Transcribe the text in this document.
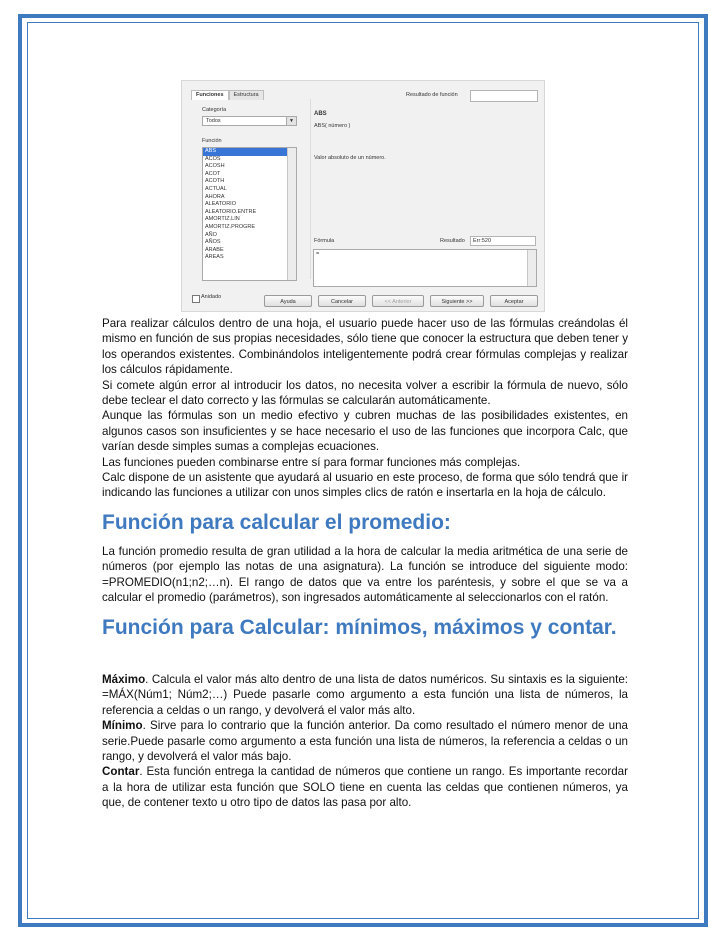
Funciones	Estructura	Resultado de función
Categoría
Todos	▼
Función
ABS
ACOS
ACOSH
ACOT
ACOTH
ACTUAL
AHORA
ALEATORIO
ALEATORIO.ENTRE
AMORTIZ.LIN
AMORTIZ.PROGRE
AÑO
AÑOS
ÁRABE
ÁREAS
ABS
ABS( número )
Valor absoluto de un número.
Fórmula	Resultado	Err:520
=
Anidado
Ayuda	Cancelar	<< Anterior	Siguiente >>	Aceptar

Para realizar cálculos dentro de una hoja, el usuario puede hacer uso de las fórmulas creándolas él mismo en función de sus propias necesidades, sólo tiene que conocer la estructura que deben tener y los operandos existentes. Combinándolos inteligentemente podrá crear fórmulas complejas y realizar los cálculos rápidamente.

Si comete algún error al introducir los datos, no necesita volver a escribir la fórmula de nuevo, sólo debe teclear el dato correcto y las fórmulas se calcularán automáticamente.

Aunque las fórmulas son un medio efectivo y cubren muchas de las posibilidades existentes, en algunos casos son insuficientes y se hace necesario el uso de las funciones que incorpora Calc, que varían desde simples sumas a complejas ecuaciones.

Las funciones pueden combinarse entre sí para formar funciones más complejas.

Calc dispone de un asistente que ayudará al usuario en este proceso, de forma que sólo tendrá que ir indicando las funciones a utilizar con unos simples clics de ratón e insertarla en la hoja de cálculo.

Función para calcular el promedio:

La función promedio resulta de gran utilidad a la hora de calcular la media aritmética de una serie de números (por ejemplo las notas de una asignatura). La función se introduce del siguiente modo: =PROMEDIO(n1;n2;…n). El rango de datos que va entre los paréntesis, y sobre el que se va a calcular el promedio (parámetros), son ingresados automáticamente al seleccionarlos con el ratón.

Función para Calcular: mínimos, máximos y contar.

Máximo. Calcula el valor más alto dentro de una lista de datos numéricos. Su sintaxis es la siguiente: =MÁX(Núm1; Núm2;…) Puede pasarle como argumento a esta función una lista de números, la referencia a celdas o un rango, y devolverá el valor más alto.

Mínimo. Sirve para lo contrario que la función anterior. Da como resultado el número menor de una serie.Puede pasarle como argumento a esta función una lista de números, la referencia a celdas o un rango, y devolverá el valor más bajo.

Contar. Esta función entrega la cantidad de números que contiene un rango. Es importante recordar a la hora de utilizar esta función que SOLO tiene en cuenta las celdas que contienen números, ya que, de contener texto u otro tipo de datos las pasa por alto.
